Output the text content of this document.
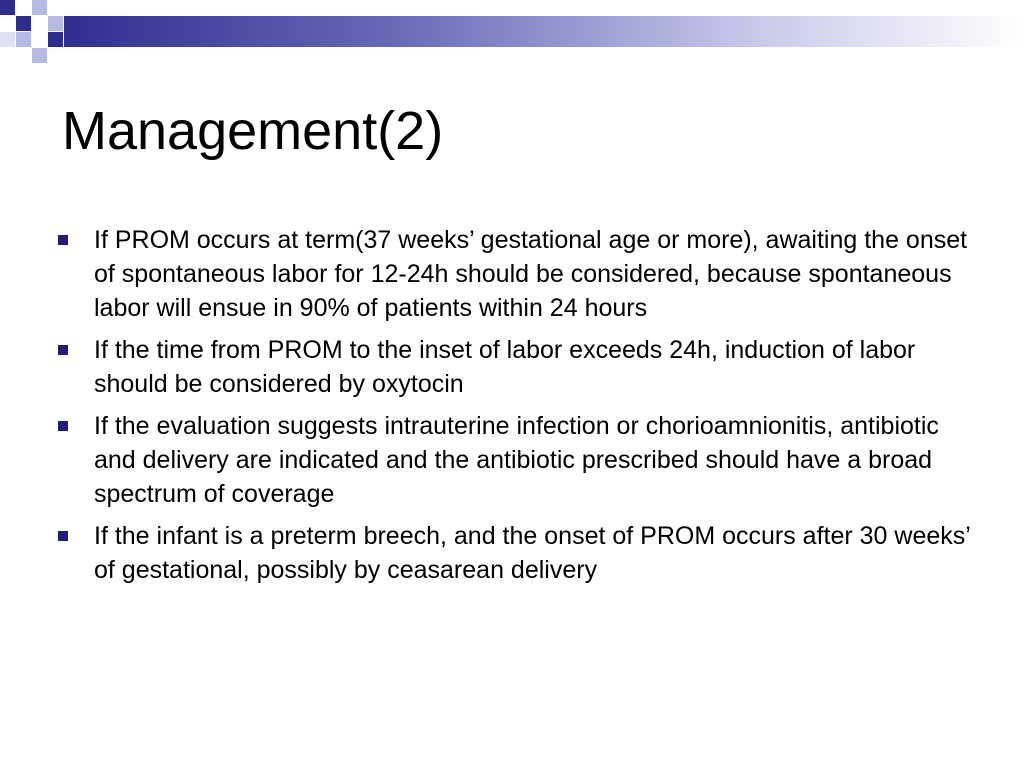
Management(2)
If PROM occurs at term(37 weeks’ gestational age or more), awaiting the onset of spontaneous labor for 12-24h should be considered, because spontaneous labor will ensue in 90% of patients within 24 hours
If the time from PROM to the inset of labor exceeds 24h, induction of labor should be considered by oxytocin
If the evaluation suggests intrauterine infection or chorioamnionitis, antibiotic and delivery are indicated and the antibiotic prescribed should have a broad spectrum of coverage
If the infant is a preterm breech, and the onset of PROM occurs after 30 weeks’ of gestational, possibly by ceasarean delivery
